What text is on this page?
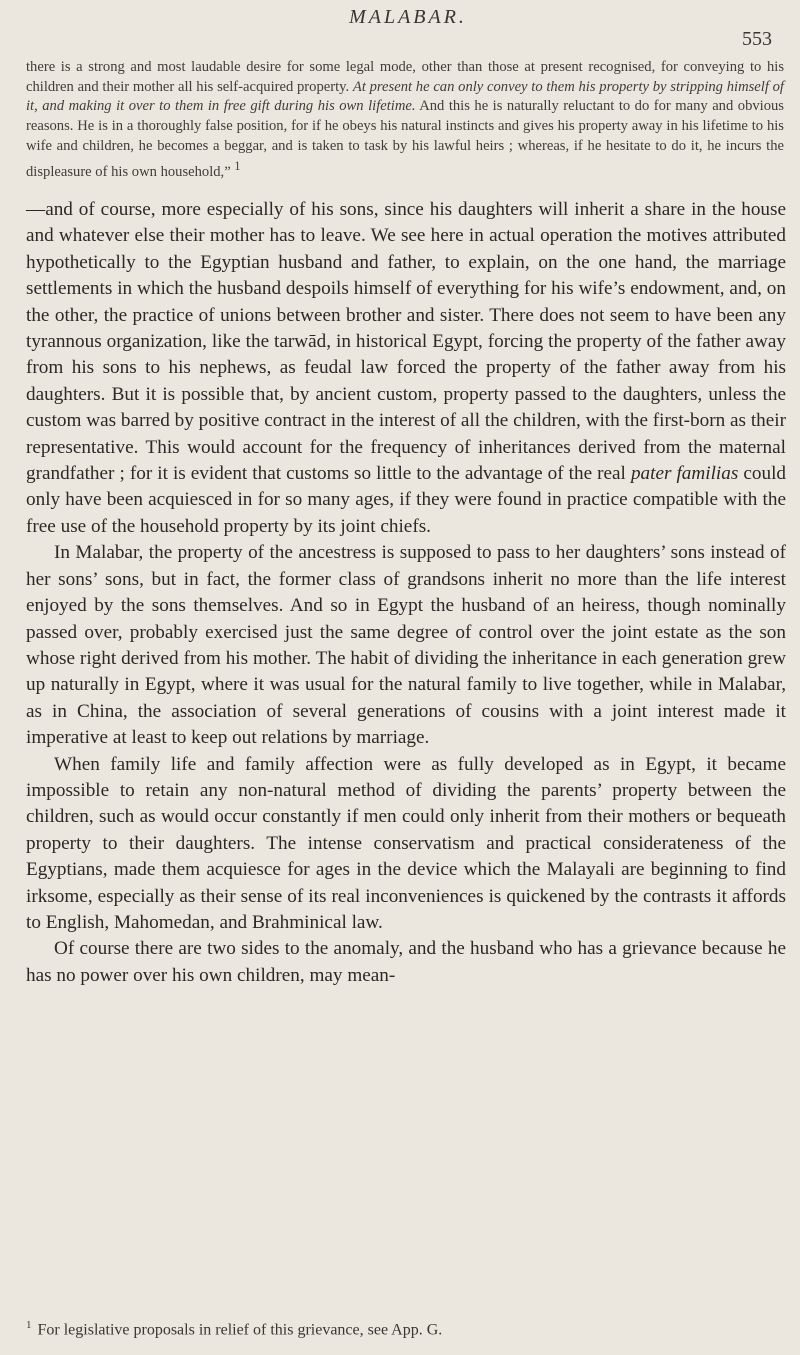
MALABAR.
553
there is a strong and most laudable desire for some legal mode, other than those at present recognised, for conveying to his children and their mother all his self-acquired property. At present he can only convey to them his property by stripping himself of it, and making it over to them in free gift during his own lifetime. And this he is naturally reluctant to do for many and obvious reasons. He is in a thoroughly false position, for if he obeys his natural instincts and gives his property away in his lifetime to his wife and children, he becomes a beggar, and is taken to task by his lawful heirs ; whereas, if he hesitate to do it, he incurs the displeasure of his own household,” $^1$

—and of course, more especially of his sons, since his daughters will inherit a share in the house and whatever else their mother has to leave. We see here in actual operation the motives attributed hypothetically to the Egyptian husband and father, to explain, on the one hand, the marriage settlements in which the husband despoils himself of everything for his wife’s endowment, and, on the other, the practice of unions between brother and sister. There does not seem to have been any tyrannous organization, like the tarwād, in historical Egypt, forcing the property of the father away from his sons to his nephews, as feudal law forced the property of the father away from his daughters. But it is possible that, by ancient custom, property passed to the daughters, unless the custom was barred by positive contract in the interest of all the children, with the first-born as their representative. This would account for the frequency of inheritances derived from the maternal grandfather ; for it is evident that customs so little to the advantage of the real pater familias could only have been acquiesced in for so many ages, if they were found in practice compatible with the free use of the household property by its joint chiefs.

In Malabar, the property of the ancestress is supposed to pass to her daughters’ sons instead of her sons’ sons, but in fact, the former class of grandsons inherit no more than the life interest enjoyed by the sons themselves. And so in Egypt the husband of an heiress, though nominally passed over, probably exercised just the same degree of control over the joint estate as the son whose right derived from his mother. The habit of dividing the inheritance in each generation grew up naturally in Egypt, where it was usual for the natural family to live together, while in Malabar, as in China, the association of several generations of cousins with a joint interest made it imperative at least to keep out relations by marriage.

When family life and family affection were as fully developed as in Egypt, it became impossible to retain any non-natural method of dividing the parents’ property between the children, such as would occur constantly if men could only inherit from their mothers or bequeath property to their daughters. The intense conservatism and practical considerateness of the Egyptians, made them acquiesce for ages in the device which the Malayali are beginning to find irksome, especially as their sense of its real inconveniences is quickened by the contrasts it affords to English, Mahomedan, and Brahminical law.

Of course there are two sides to the anomaly, and the husband who has a grievance because he has no power over his own children, may mean-

$^1$ For legislative proposals in relief of this grievance, see App. G.
